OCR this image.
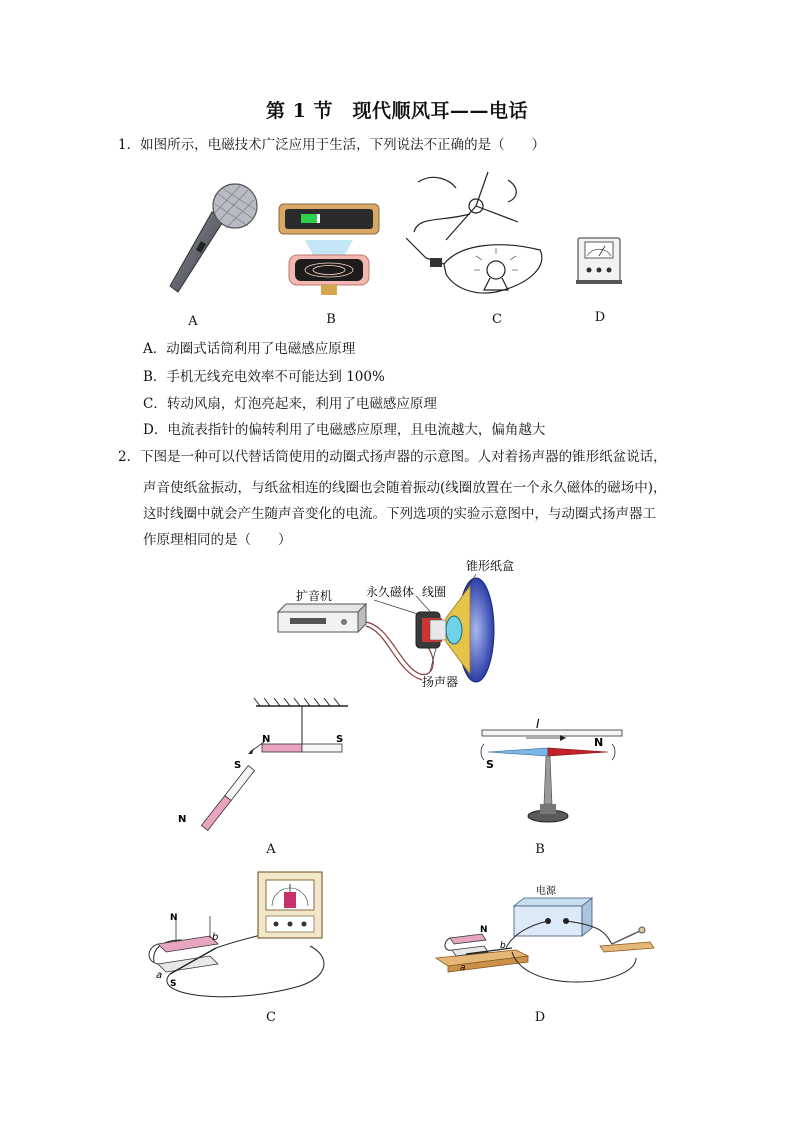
第 1 节　现代顺风耳——电话
1．如图所示，电磁技术广泛应用于生活，下列说法不正确的是（　　）
A	B	C	D
A．动圈式话筒利用了电磁感应原理
B．手机无线充电效率不可能达到 100%
C．转动风扇，灯泡亮起来，利用了电磁感应原理
D．电流表指针的偏转利用了电磁感应原理，且电流越大，偏角越大
2．下图是一种可以代替话筒使用的动圈式扬声器的示意图。人对着扬声器的锥形纸盆说话，
声音使纸盆振动，与纸盆相连的线圈也会随着振动(线圈放置在一个永久磁体的磁场中)，
这时线圈中就会产生随声音变化的电流。下列选项的实验示意图中，与动圈式扬声器工
作原理相同的是（　　）
扩音机	永久磁体 线圈
锥形纸盒
扬声器
N	S
S
N
A
I
S
N
B
N
S
a
b
C
电源
N
a
b
D
